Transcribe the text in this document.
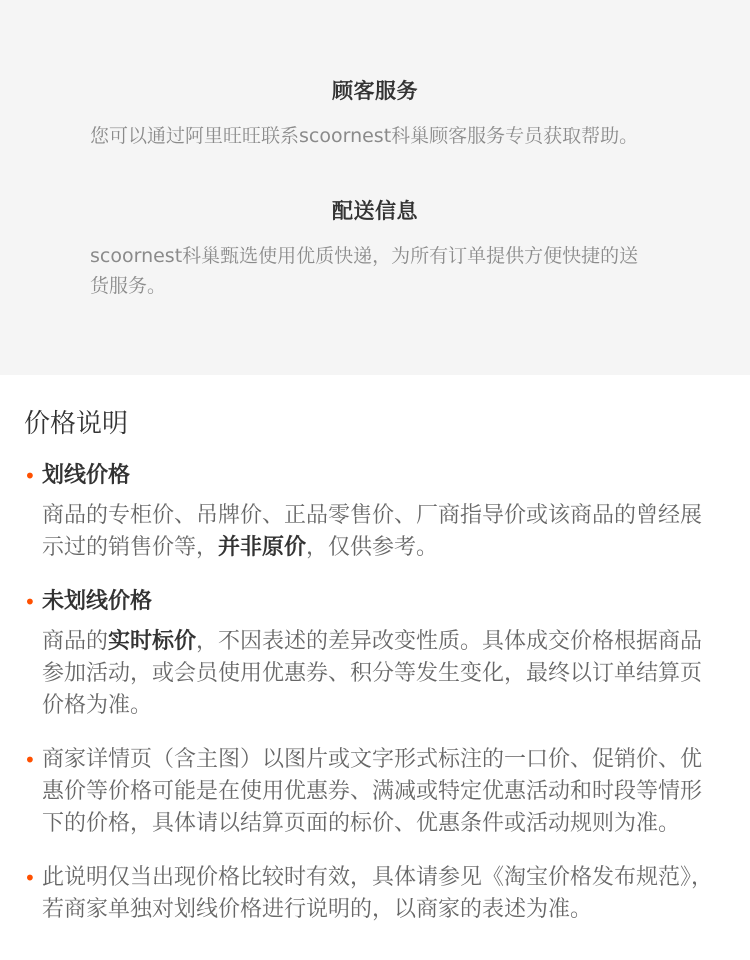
顾客服务
您可以通过阿里旺旺联系scoornest科巢顾客服务专员获取帮助。
配送信息
scoornest科巢甄选使用优质快递，为所有订单提供方便快捷的送货服务。
价格说明
• 划线价格
商品的专柜价、吊牌价、正品零售价、厂商指导价或该商品的曾经展示过的销售价等，并非原价，仅供参考。
• 未划线价格
商品的实时标价，不因表述的差异改变性质。具体成交价格根据商品参加活动，或会员使用优惠券、积分等发生变化，最终以订单结算页价格为准。
• 商家详情页（含主图）以图片或文字形式标注的一口价、促销价、优惠价等价格可能是在使用优惠券、满减或特定优惠活动和时段等情形下的价格，具体请以结算页面的标价、优惠条件或活动规则为准。
• 此说明仅当出现价格比较时有效，具体请参见《淘宝价格发布规范》，若商家单独对划线价格进行说明的，以商家的表述为准。
